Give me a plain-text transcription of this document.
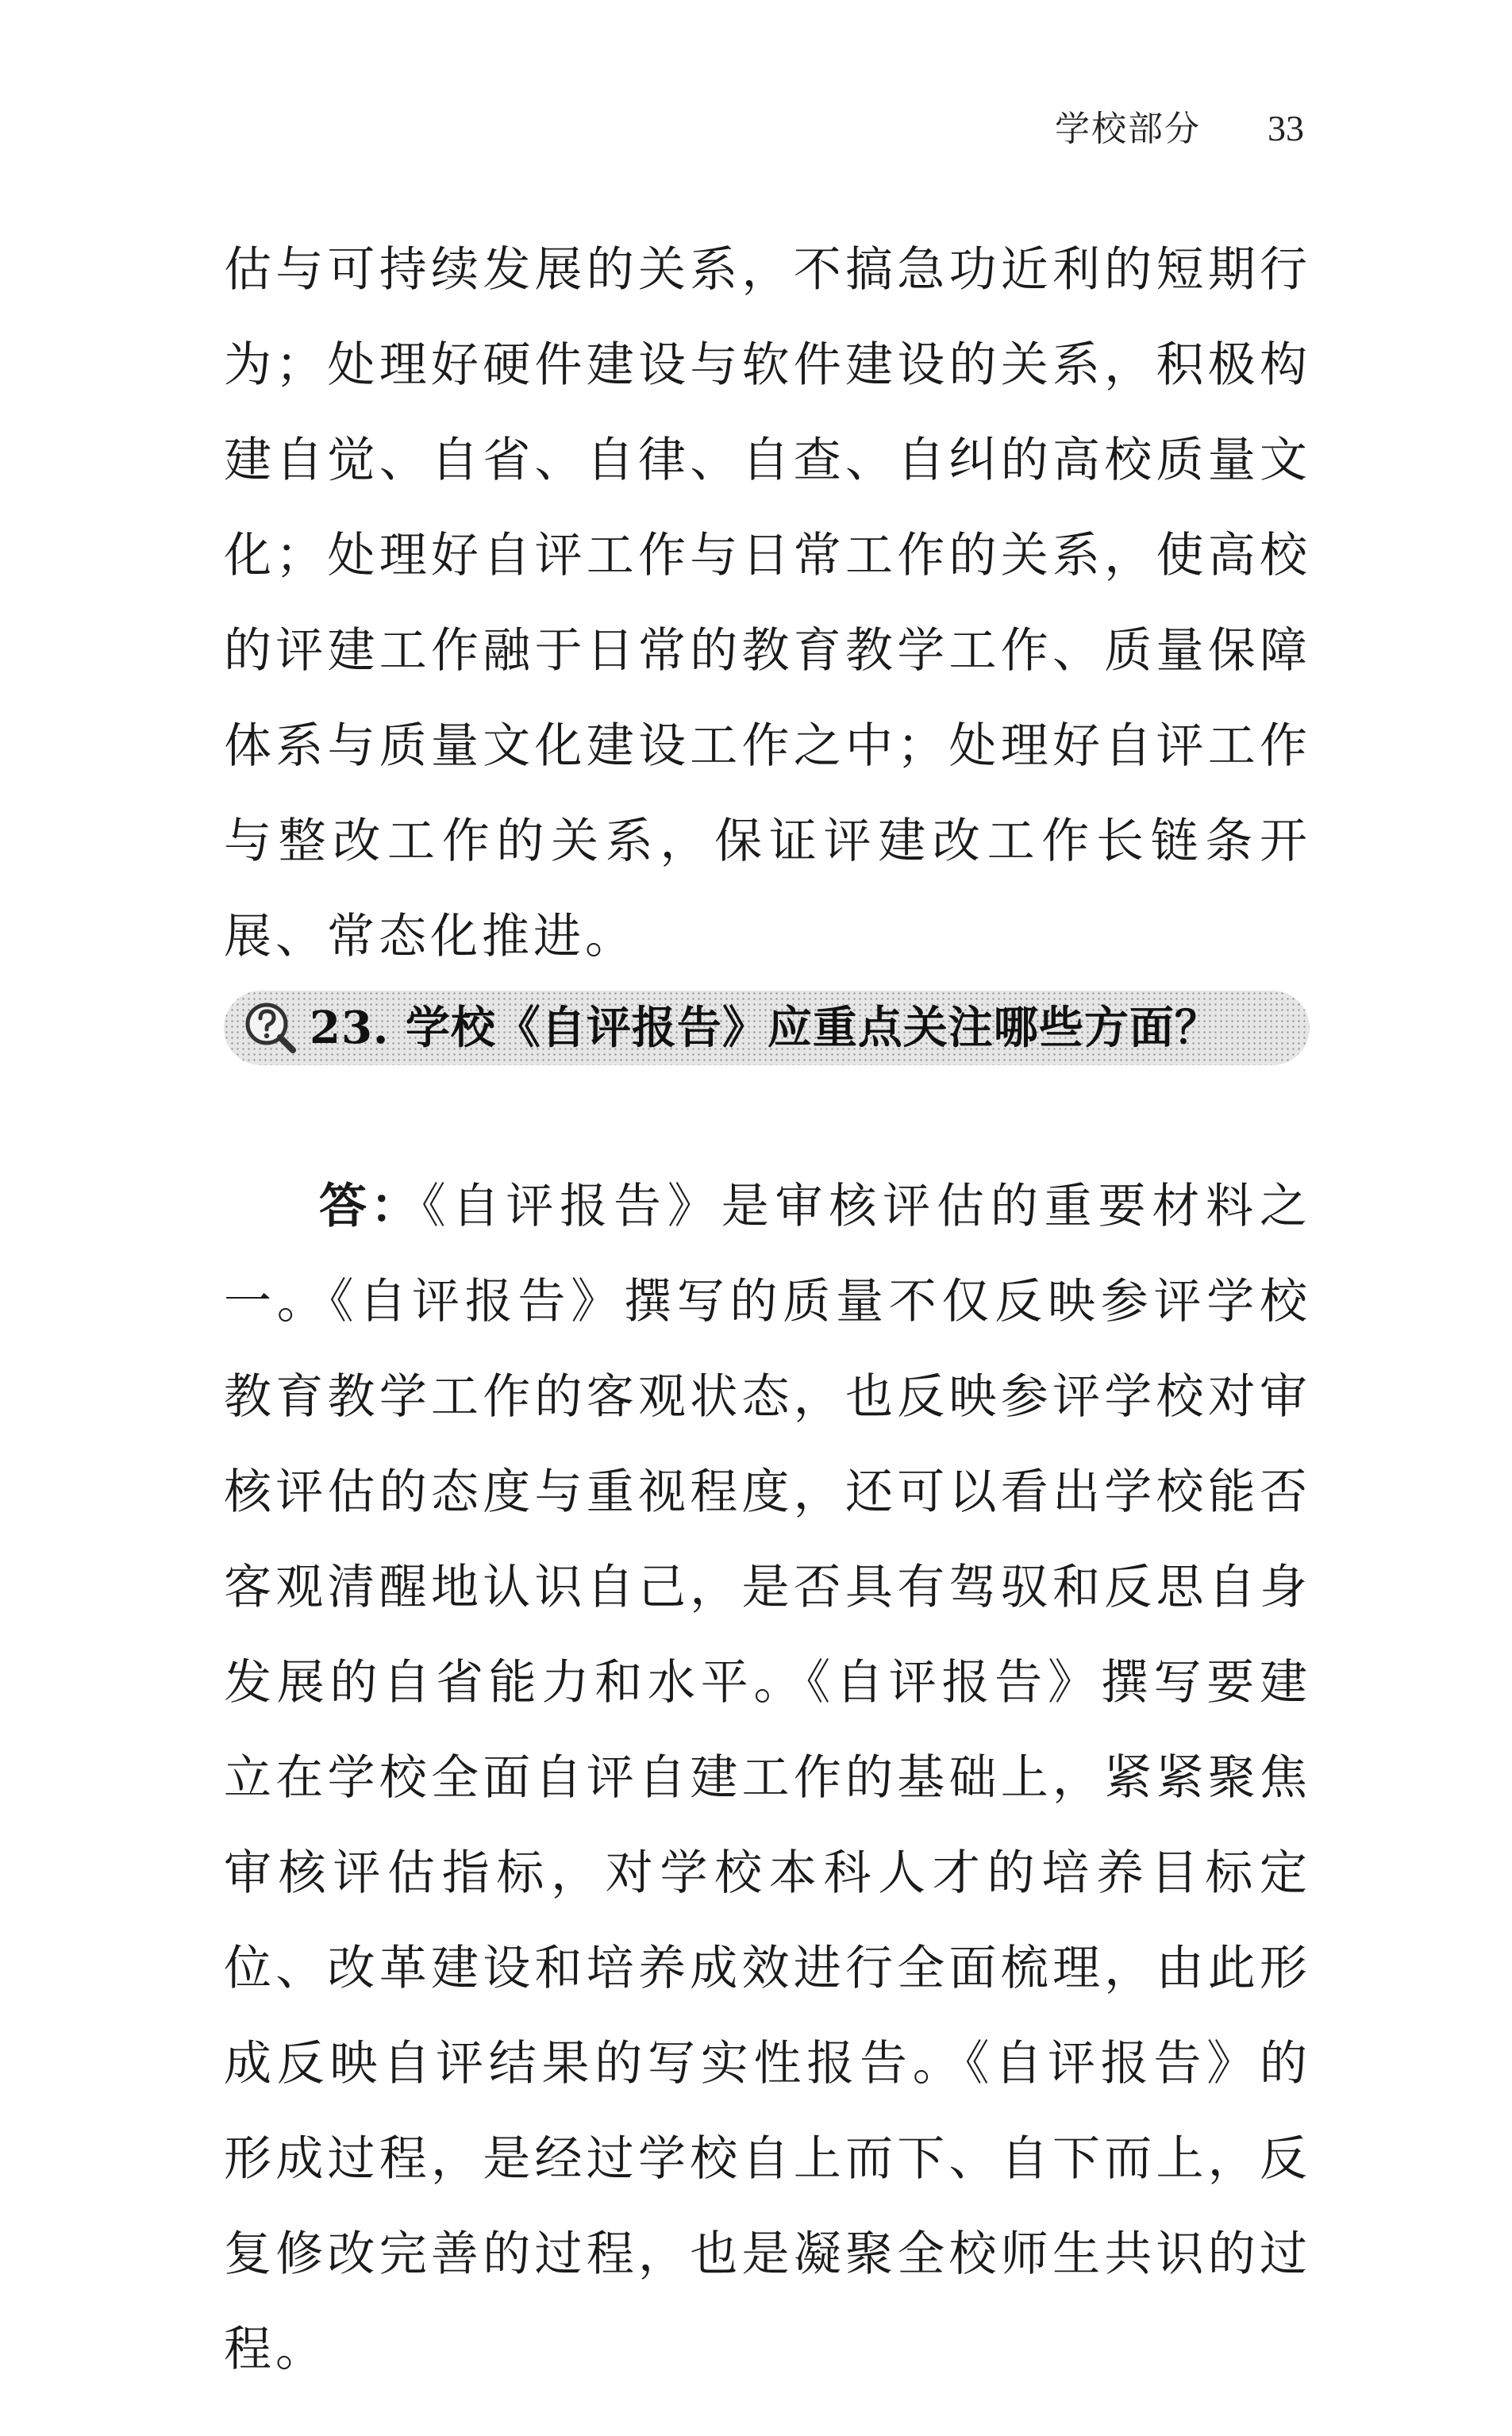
学校部分 33

估与可持续发展的关系，不搞急功近利的短期行为；处理好硬件建设与软件建设的关系，积极构建自觉、自省、自律、自查、自纠的高校质量文化；处理好自评工作与日常工作的关系，使高校的评建工作融于日常的教育教学工作、质量保障体系与质量文化建设工作之中；处理好自评工作与整改工作的关系，保证评建改工作长链条开展、常态化推进。

23. 学校《自评报告》应重点关注哪些方面？

答：《自评报告》是审核评估的重要材料之一。《自评报告》撰写的质量不仅反映参评学校教育教学工作的客观状态，也反映参评学校对审核评估的态度与重视程度，还可以看出学校能否客观清醒地认识自己，是否具有驾驭和反思自身发展的自省能力和水平。《自评报告》撰写要建立在学校全面自评自建工作的基础上，紧紧聚焦审核评估指标，对学校本科人才的培养目标定位、改革建设和培养成效进行全面梳理，由此形成反映自评结果的写实性报告。《自评报告》的形成过程，是经过学校自上而下、自下而上，反复修改完善的过程，也是凝聚全校师生共识的过程。
